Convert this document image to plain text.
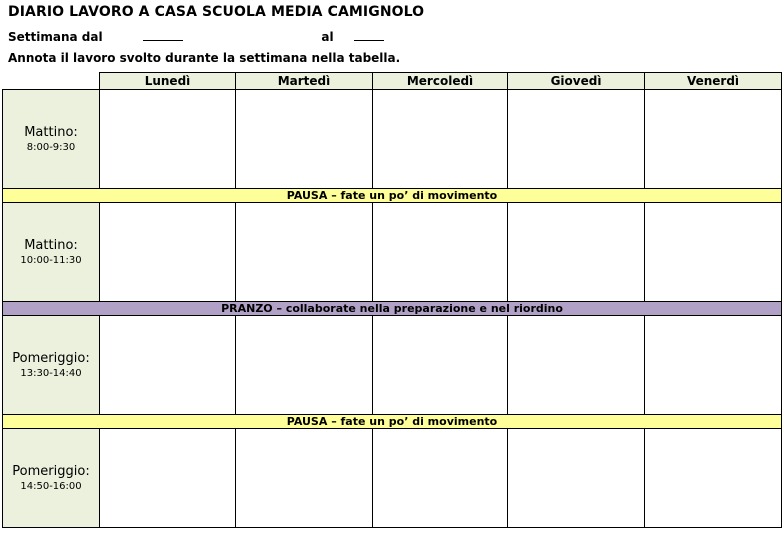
DIARIO LAVORO A CASA SCUOLA MEDIA CAMIGNOLO
Settimana dal	al
Annota il lavoro svolto durante la settimana nella tabella.
	Lunedì	Martedì	Mercoledì	Giovedì	Venerdì

Mattino:
8:00-9:30					

PAUSA – fate un po’ di movimento					

Mattino:
10:00-11:30					

PRANZO – collaborate nella preparazione e nel riordino					

Pomeriggio:
13:30-14:40					

PAUSA – fate un po’ di movimento					

Pomeriggio:
14:50-16:00					
